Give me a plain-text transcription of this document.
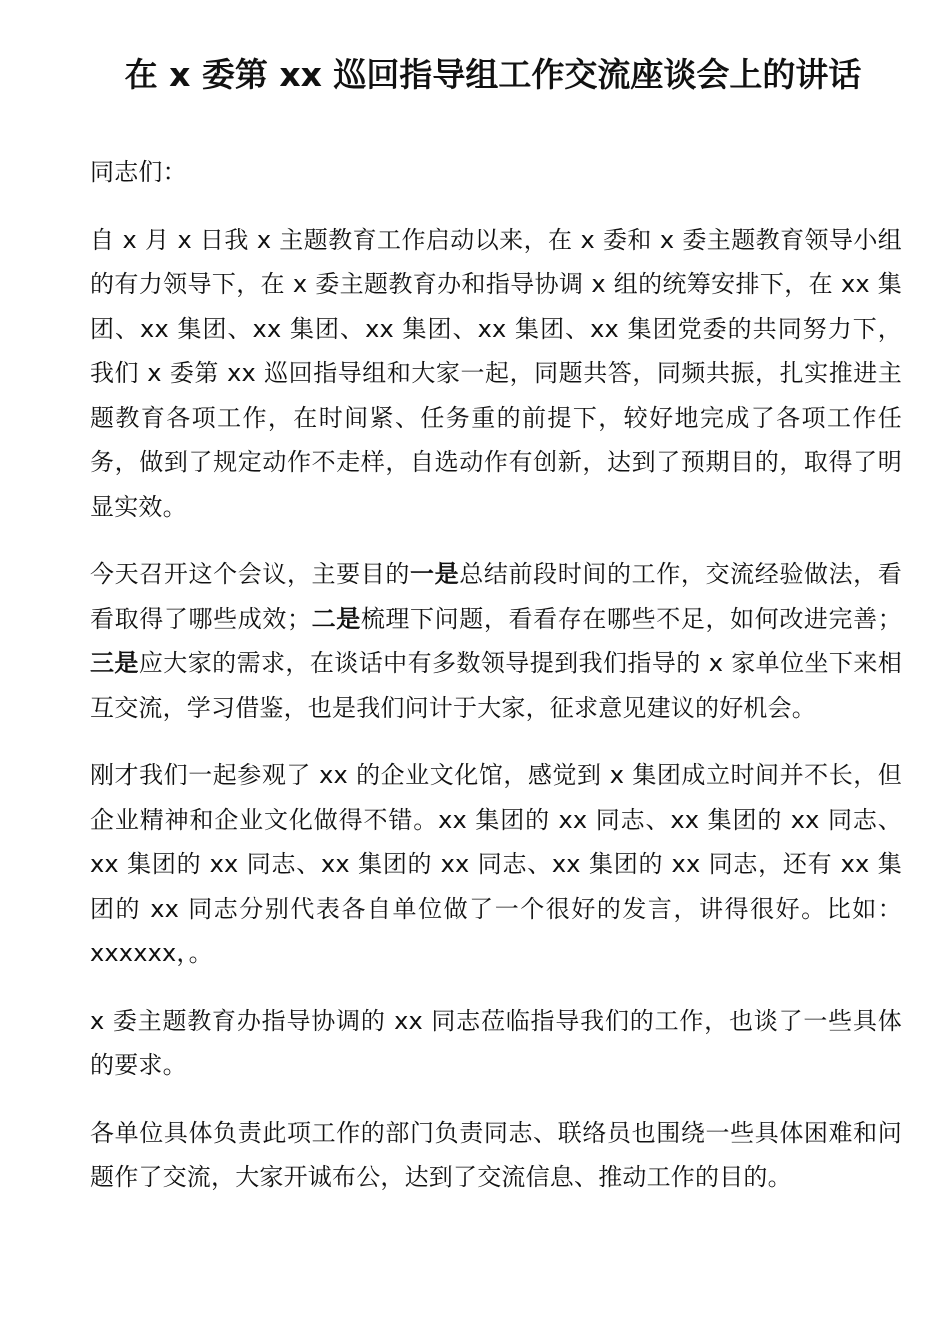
在 x 委第 xx 巡回指导组工作交流座谈会上的讲话

同志们：

自 x 月 x 日我 x 主题教育工作启动以来，在 x 委和 x 委主题教育领导小组的有力领导下，在 x 委主题教育办和指导协调 x 组的统筹安排下，在 xx 集团、xx 集团、xx 集团、xx 集团、xx 集团、xx 集团党委的共同努力下，我们 x 委第 xx 巡回指导组和大家一起，同题共答，同频共振，扎实推进主题教育各项工作，在时间紧、任务重的前提下，较好地完成了各项工作任务，做到了规定动作不走样，自选动作有创新，达到了预期目的，取得了明显实效。

今天召开这个会议，主要目的一是总结前段时间的工作，交流经验做法，看看取得了哪些成效；二是梳理下问题，看看存在哪些不足，如何改进完善；三是应大家的需求，在谈话中有多数领导提到我们指导的 x 家单位坐下来相互交流，学习借鉴，也是我们问计于大家，征求意见建议的好机会。

刚才我们一起参观了 xx 的企业文化馆，感觉到 x 集团成立时间并不长，但企业精神和企业文化做得不错。xx 集团的 xx 同志、xx 集团的 xx 同志、xx 集团的 xx 同志、xx 集团的 xx 同志、xx 集团的 xx 同志，还有 xx 集团的 xx 同志分别代表各自单位做了一个很好的发言，讲得很好。比如：xxxxxx，。

x 委主题教育办指导协调的 xx 同志莅临指导我们的工作，也谈了一些具体的要求。

各单位具体负责此项工作的部门负责同志、联络员也围绕一些具体困难和问题作了交流，大家开诚布公，达到了交流信息、推动工作的目的。
